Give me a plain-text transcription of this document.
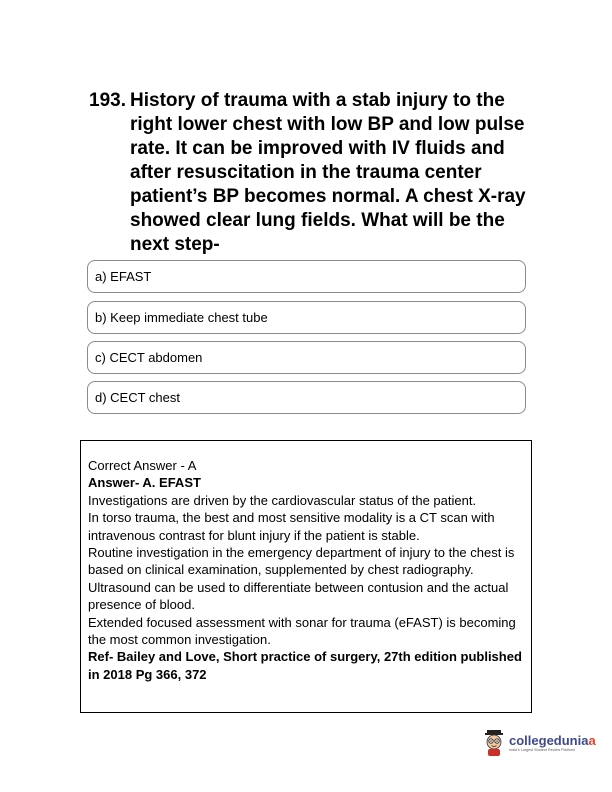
193. History of trauma with a stab injury to the right lower chest with low BP and low pulse rate. It can be improved with IV fluids and after resuscitation in the trauma center patient’s BP becomes normal. A chest X-ray showed clear lung fields. What will be the next step-
a) EFAST
b) Keep immediate chest tube
c) CECT abdomen
d) CECT chest

Correct Answer - A

Answer- A. EFAST

Investigations are driven by the cardiovascular status of the patient.

In torso trauma, the best and most sensitive modality is a CT scan with intravenous contrast for blunt injury if the patient is stable.

Routine investigation in the emergency department of injury to the chest is based on clinical examination, supplemented by chest radiography.

Ultrasound can be used to differentiate between contusion and the actual presence of blood.

Extended focused assessment with sonar for trauma (eFAST) is becoming the most common investigation.

Ref- Bailey and Love, Short practice of surgery, 27th edition published in 2018 Pg 366, 372

collegeduniaa
India's Largest Student Review Platform
